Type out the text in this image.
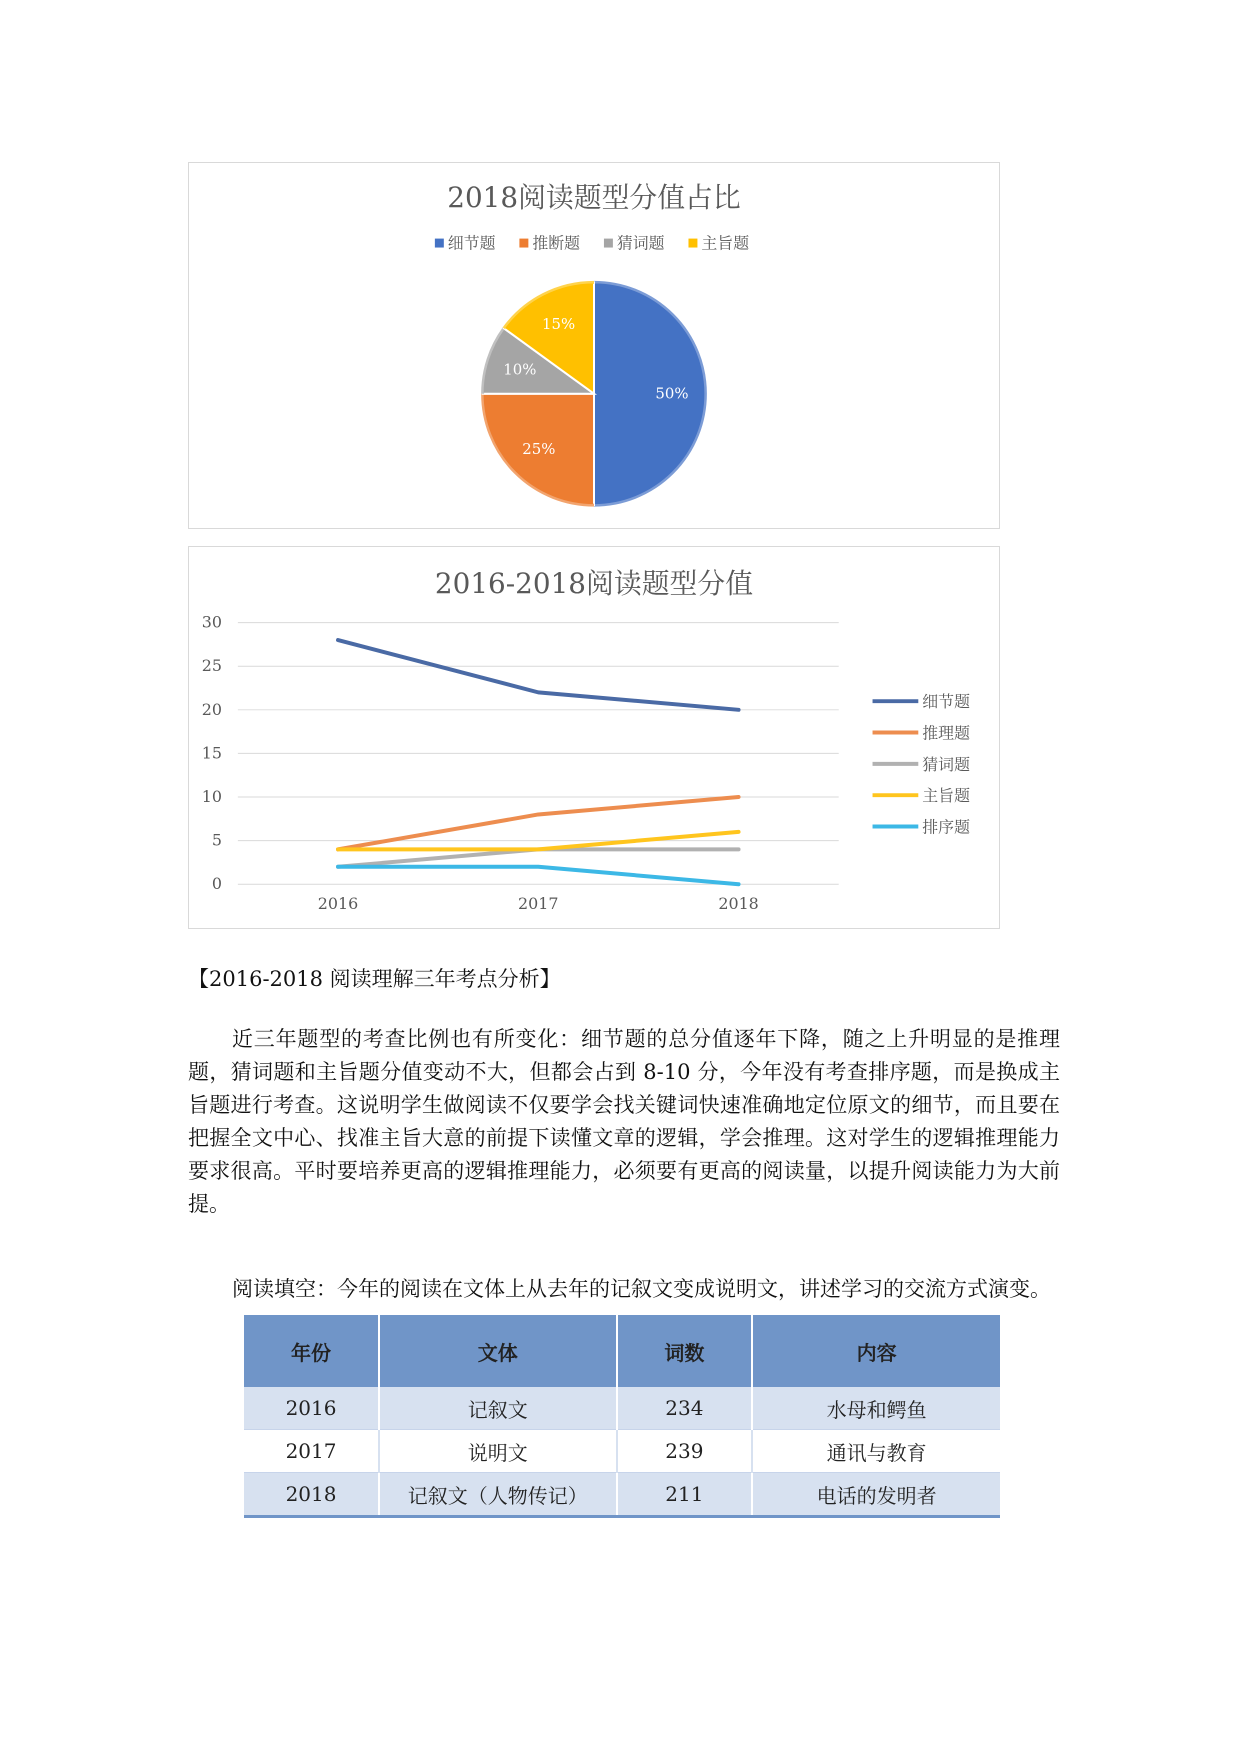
2018阅读题型分值占比
细节题 推断题 猜词题 主旨题
50%
25%
10%
15%
2016-2018阅读题型分值
0
5
10
15
20
25
30
2016	2017	2018
细节题
推理题
猜词题
主旨题
排序题
【2016-2018 阅读理解三年考点分析】
近三年题型的考查比例也有所变化：细节题的总分值逐年下降，随之上升明显的是推理题，猜词题和主旨题分值变动不大，但都会占到 8-10 分，今年没有考查排序题，而是换成主旨题进行考查。这说明学生做阅读不仅要学会找关键词快速准确地定位原文的细节，而且要在把握全文中心、找准主旨大意的前提下读懂文章的逻辑，学会推理。这对学生的逻辑推理能力要求很高。平时要培养更高的逻辑推理能力，必须要有更高的阅读量，以提升阅读能力为大前提。
阅读填空：今年的阅读在文体上从去年的记叙文变成说明文，讲述学习的交流方式演变。
年份	文体	词数	内容
2016	记叙文	234	水母和鳄鱼
2017	说明文	239	通讯与教育
2018	记叙文（人物传记）	211	电话的发明者
